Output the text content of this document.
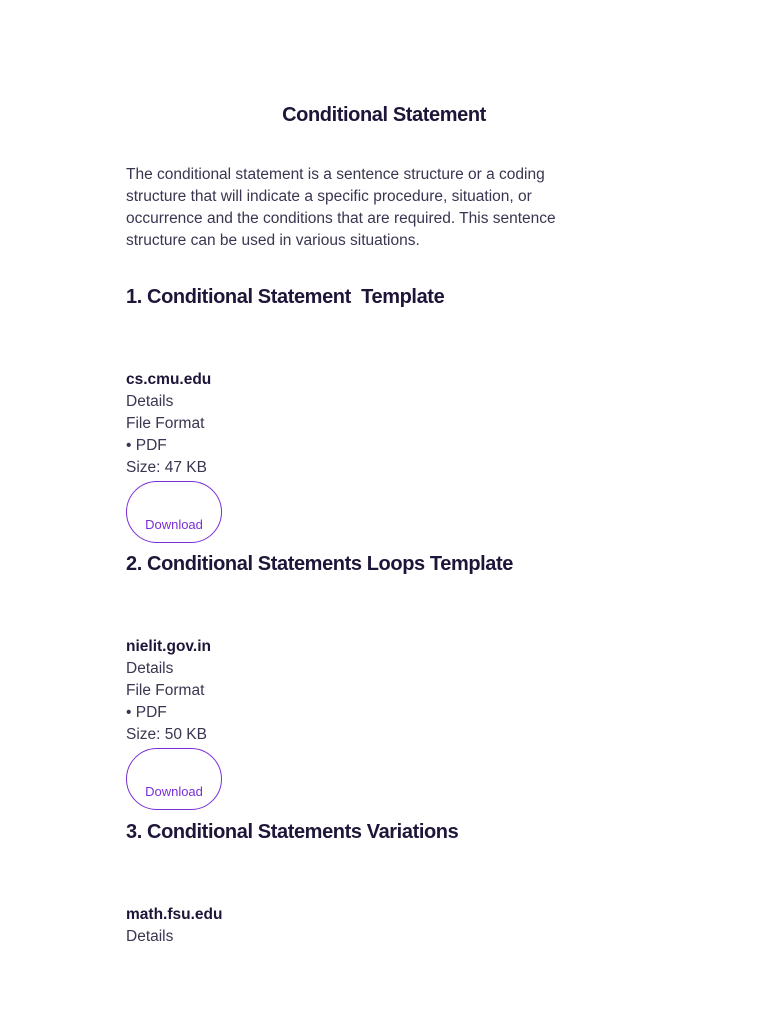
Conditional Statement
The conditional statement is a sentence structure or a coding structure that will indicate a specific procedure, situation, or occurrence and the conditions that are required. This sentence structure can be used in various situations.
1. Conditional Statement  Template
cs.cmu.edu
Details
File Format
• PDF
Size: 47 KB
Download
2. Conditional Statements Loops Template
nielit.gov.in
Details
File Format
• PDF
Size: 50 KB
Download
3. Conditional Statements Variations
math.fsu.edu
Details
